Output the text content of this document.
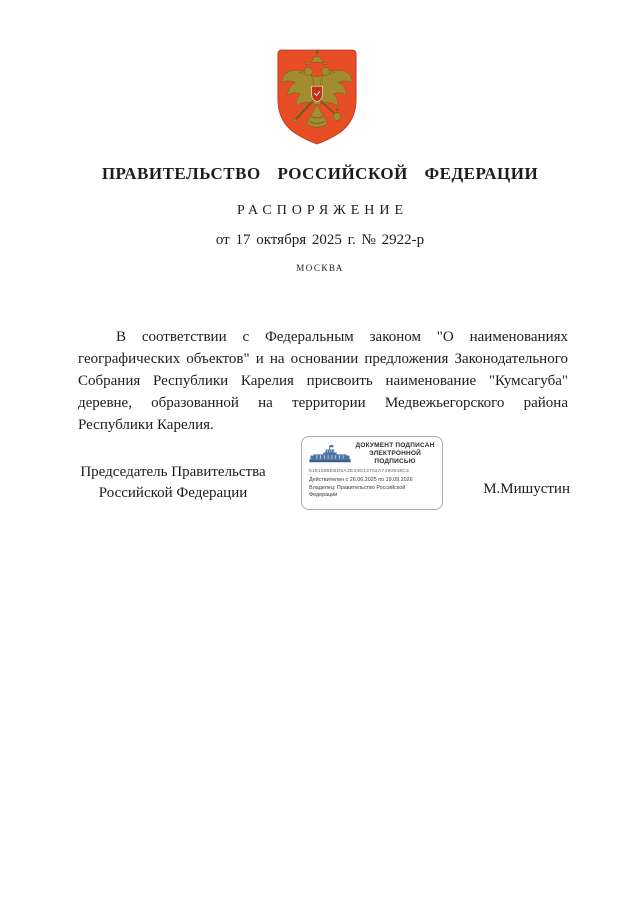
ПРАВИТЕЛЬСТВО РОССИЙСКОЙ ФЕДЕРАЦИИ
РАСПОРЯЖЕНИЕ
от 17 октября 2025 г. № 2922-р
МОСКВА
В соответствии с Федеральным законом "О наименованиях
географических объектов" и на основании предложения Законодательного
Собрания Республики Карелия присвоить наименование "Кумсагуба"
деревне, образованной на территории Медвежьегорского района
Республики Карелия.
Председатель Правительства
Российской Федерации	М.Мишустин
ДОКУМЕНТ ПОДПИСАН
ЭЛЕКТРОННОЙ ПОДПИСЬЮ
5181588EBD6A3E34D13702A7490948C3
Действителен с 26.06.2025 по 19.09.2026
Владелец: Правительство Российской Федерации
